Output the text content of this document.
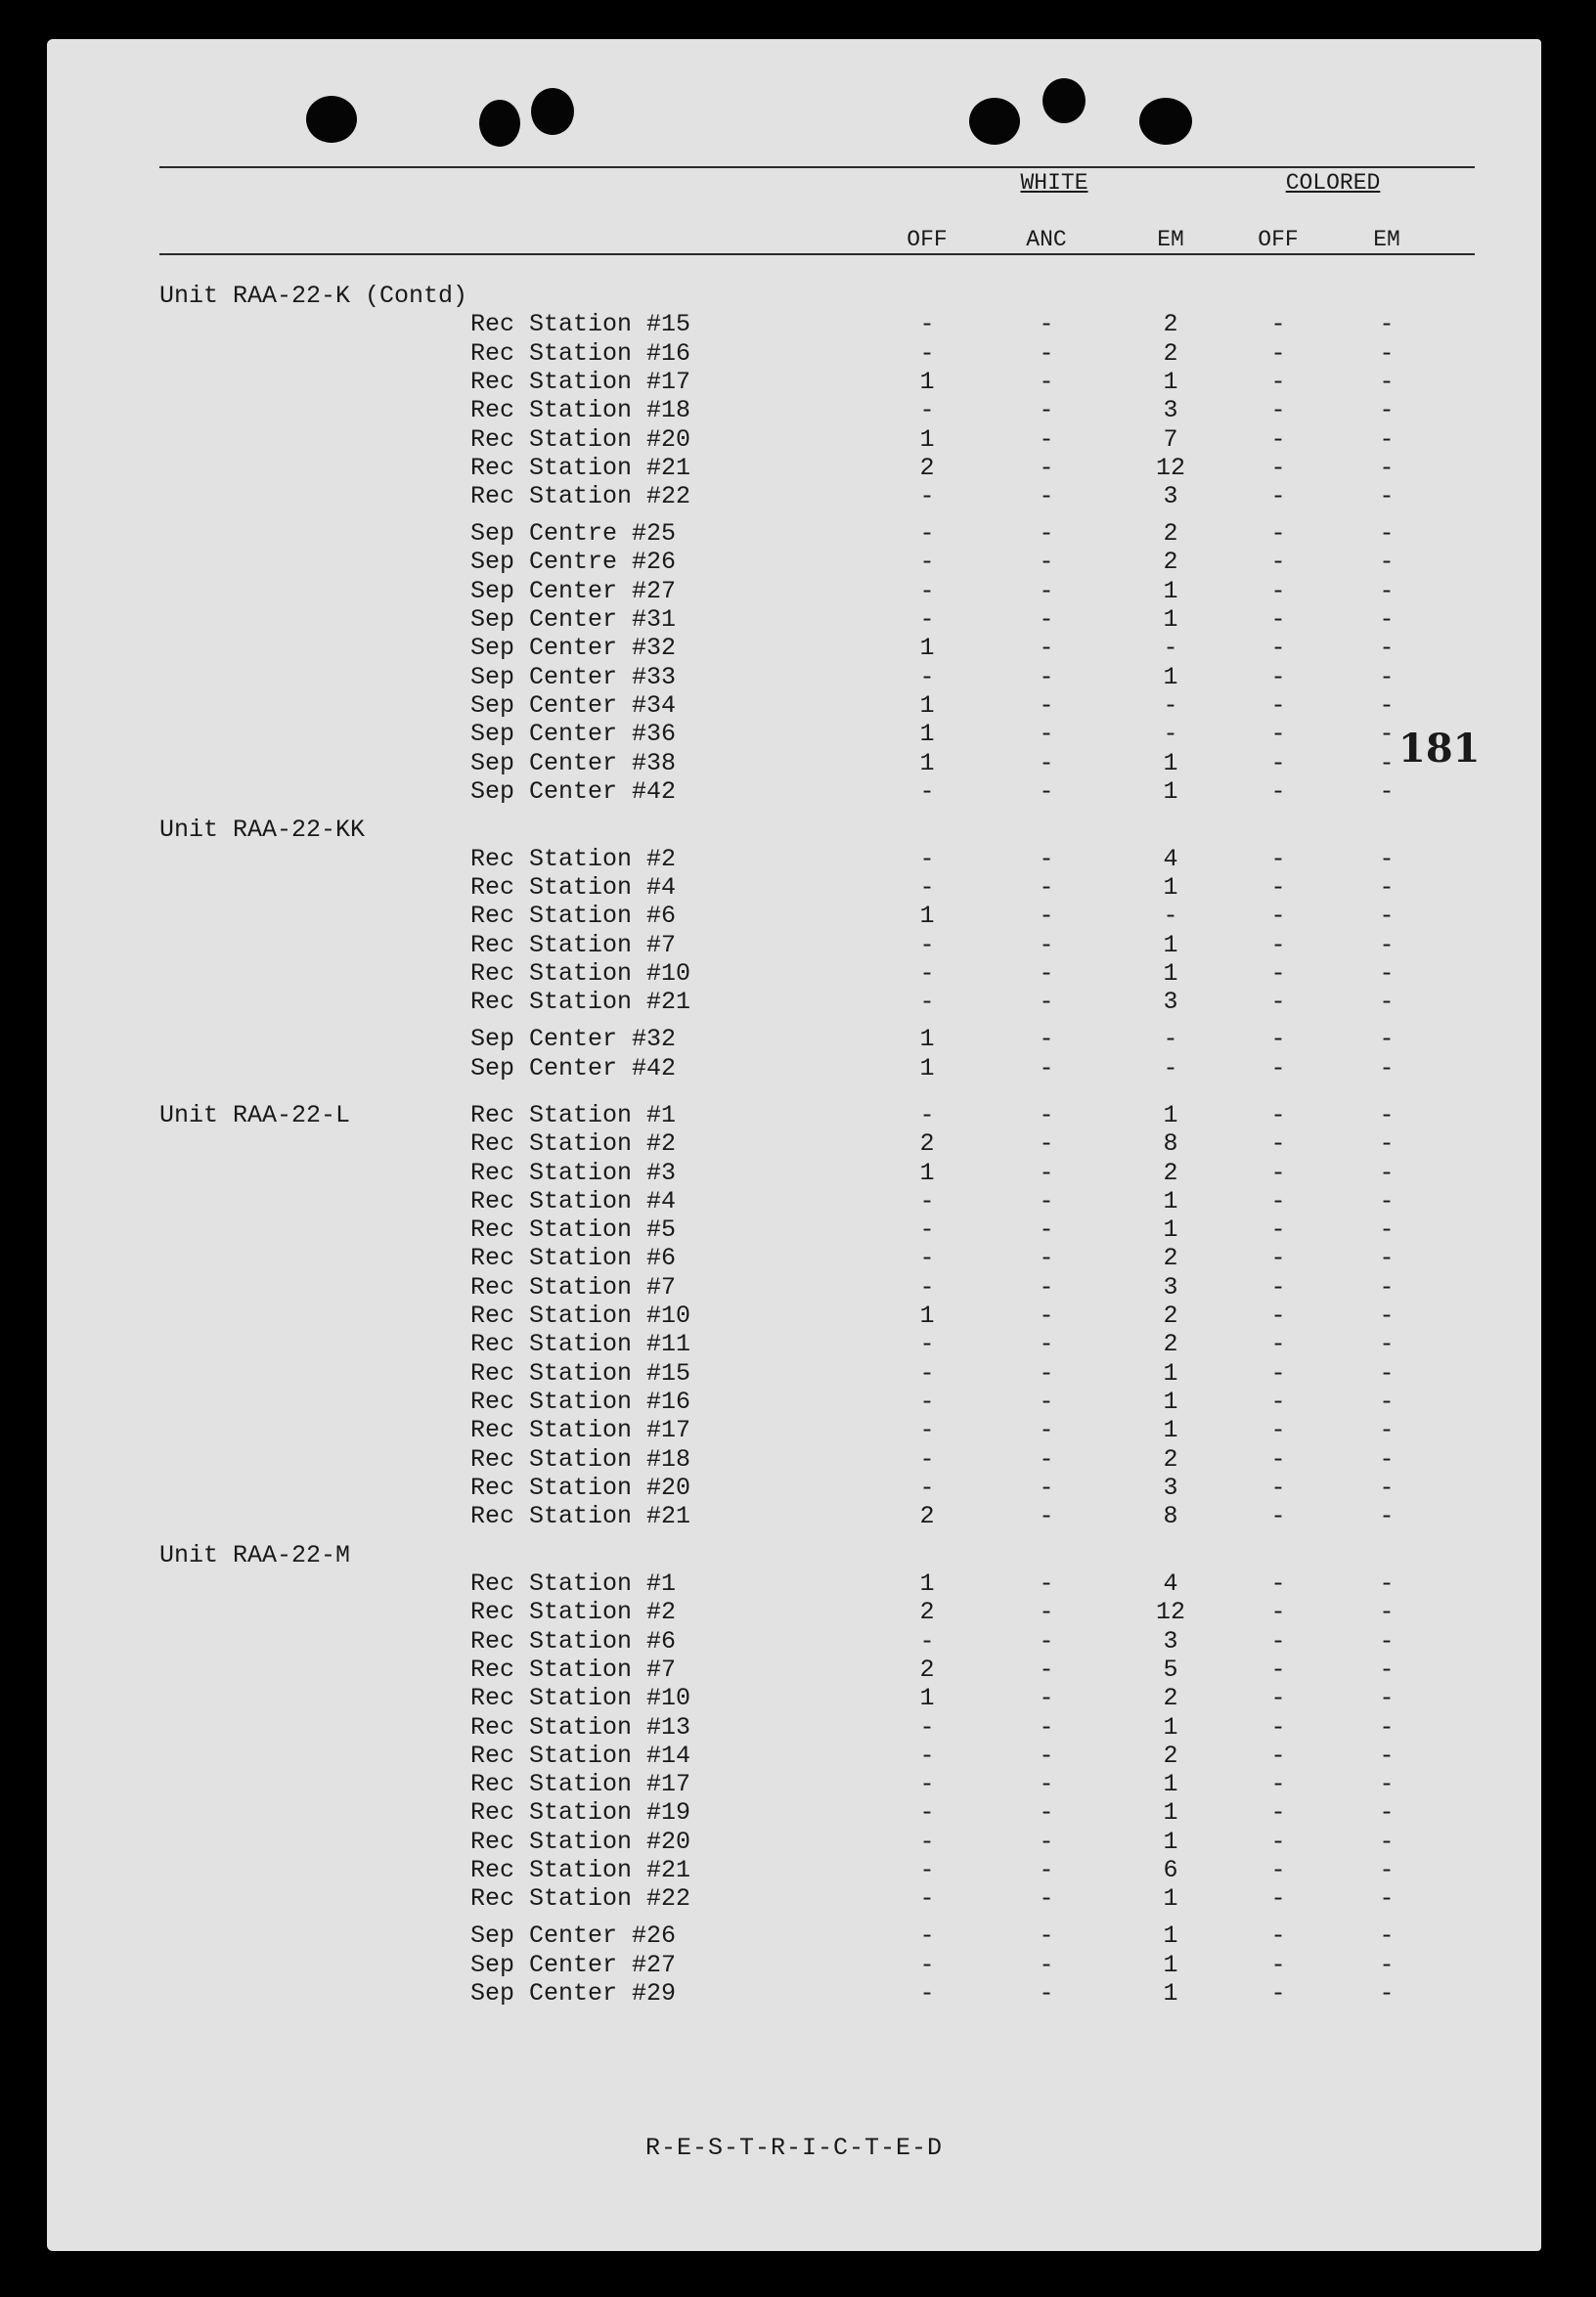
WHITE	COLORED
OFF	ANC	EM	OFF	EM
Unit RAA-22-K (Contd)
Rec Station #15	-	-	2	-	-
Rec Station #16	-	-	2	-	-
Rec Station #17	1	-	1	-	-
Rec Station #18	-	-	3	-	-
Rec Station #20	1	-	7	-	-
Rec Station #21	2	-	12	-	-
Rec Station #22	-	-	3	-	-
Sep Centre #25	-	-	2	-	-
Sep Centre #26	-	-	2	-	-
Sep Center #27	-	-	1	-	-
Sep Center #31	-	-	1	-	-
Sep Center #32	1	-	-	-	-
Sep Center #33	-	-	1	-	-
Sep Center #34	1	-	-	-	-
Sep Center #36	1	-	-	-	-
Sep Center #38	1	-	1	-	-
Sep Center #42	-	-	1	-	-
Unit RAA-22-KK
Rec Station #2	-	-	4	-	-
Rec Station #4	-	-	1	-	-
Rec Station #6	1	-	-	-	-
Rec Station #7	-	-	1	-	-
Rec Station #10	-	-	1	-	-
Rec Station #21	-	-	3	-	-
Sep Center #32	1	-	-	-	-
Sep Center #42	1	-	-	-	-
Unit RAA-22-L	Rec Station #1	-	-	1	-	-
Rec Station #2	2	-	8	-	-
Rec Station #3	1	-	2	-	-
Rec Station #4	-	-	1	-	-
Rec Station #5	-	-	1	-	-
Rec Station #6	-	-	2	-	-
Rec Station #7	-	-	3	-	-
Rec Station #10	1	-	2	-	-
Rec Station #11	-	-	2	-	-
Rec Station #15	-	-	1	-	-
Rec Station #16	-	-	1	-	-
Rec Station #17	-	-	1	-	-
Rec Station #18	-	-	2	-	-
Rec Station #20	-	-	3	-	-
Rec Station #21	2	-	8	-	-
Unit RAA-22-M
Rec Station #1	1	-	4	-	-
Rec Station #2	2	-	12	-	-
Rec Station #6	-	-	3	-	-
Rec Station #7	2	-	5	-	-
Rec Station #10	1	-	2	-	-
Rec Station #13	-	-	1	-	-
Rec Station #14	-	-	2	-	-
Rec Station #17	-	-	1	-	-
Rec Station #19	-	-	1	-	-
Rec Station #20	-	-	1	-	-
Rec Station #21	-	-	6	-	-
Rec Station #22	-	-	1	-	-
Sep Center #26	-	-	1	-	-
Sep Center #27	-	-	1	-	-
Sep Center #29	-	-	1	-	-
181
R-E-S-T-R-I-C-T-E-D
